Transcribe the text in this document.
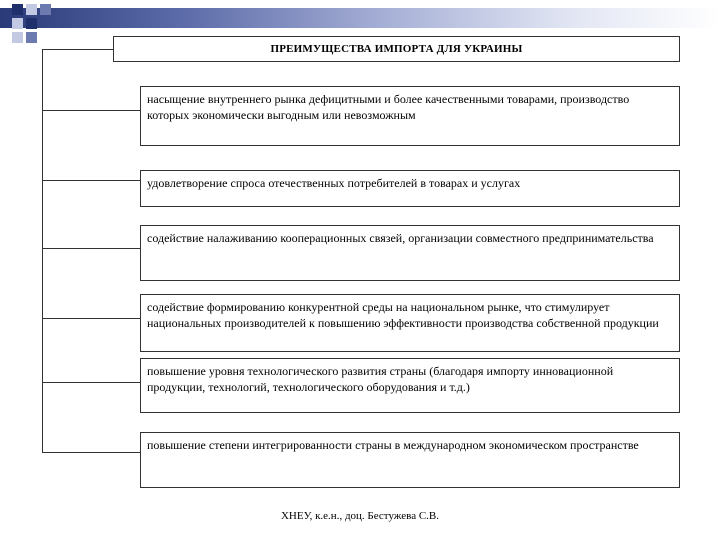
ПРЕИМУЩЕСТВА ИМПОРТА ДЛЯ УКРАИНЫ
насыщение внутреннего рынка дефицитными и более качественными товарами, производство которых экономически выгодным или невозможным
удовлетворение спроса отечественных потребителей в товарах и услугах
содействие налаживанию кооперационных связей, организации совместного предпринимательства
содействие формированию конкурентной среды на национальном рынке, что стимулирует национальных производителей к повышению эффективности производства собственной продукции
повышение уровня технологического развития страны (благодаря импорту инновационной продукции, технологий, технологического оборудования и т.д.)
повышение степени интегрированности страны в международном экономическом пространстве
ХНЕУ, к.е.н., доц. Бестужева С.В.
